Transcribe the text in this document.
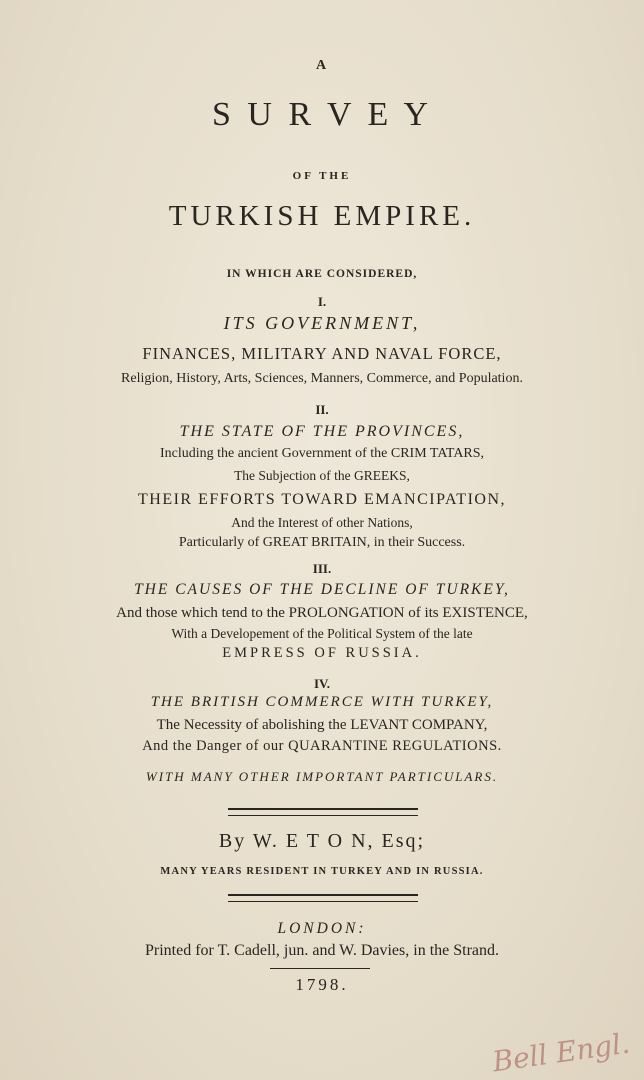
A
S U R V E Y
OF THE
TURKISH EMPIRE.
IN WHICH ARE CONSIDERED,
I.
ITS GOVERNMENT,
FINANCES, MILITARY AND NAVAL FORCE,
Religion, History, Arts, Sciences, Manners, Commerce, and Population.
II.
THE STATE OF THE PROVINCES,
Including the ancient Government of the CRIM TATARS,
The Subjection of the GREEKS,
THEIR EFFORTS TOWARD EMANCIPATION,
And the Interest of other Nations,
Particularly of GREAT BRITAIN, in their Success.
III.
THE CAUSES OF THE DECLINE OF TURKEY,
And those which tend to the PROLONGATION of its EXISTENCE,
With a Developement of the Political System of the late
EMPRESS OF RUSSIA.
IV.
THE BRITISH COMMERCE WITH TURKEY,
The Necessity of abolishing the LEVANT COMPANY,
And the Danger of our QUARANTINE REGULATIONS.
WITH MANY OTHER IMPORTANT PARTICULARS.
By W. E T O N, Esq;
MANY YEARS RESIDENT IN TURKEY AND IN RUSSIA.
LONDON:
Printed for T. Cadell, jun. and W. Davies, in the Strand.
1798.
Bell Engl.
